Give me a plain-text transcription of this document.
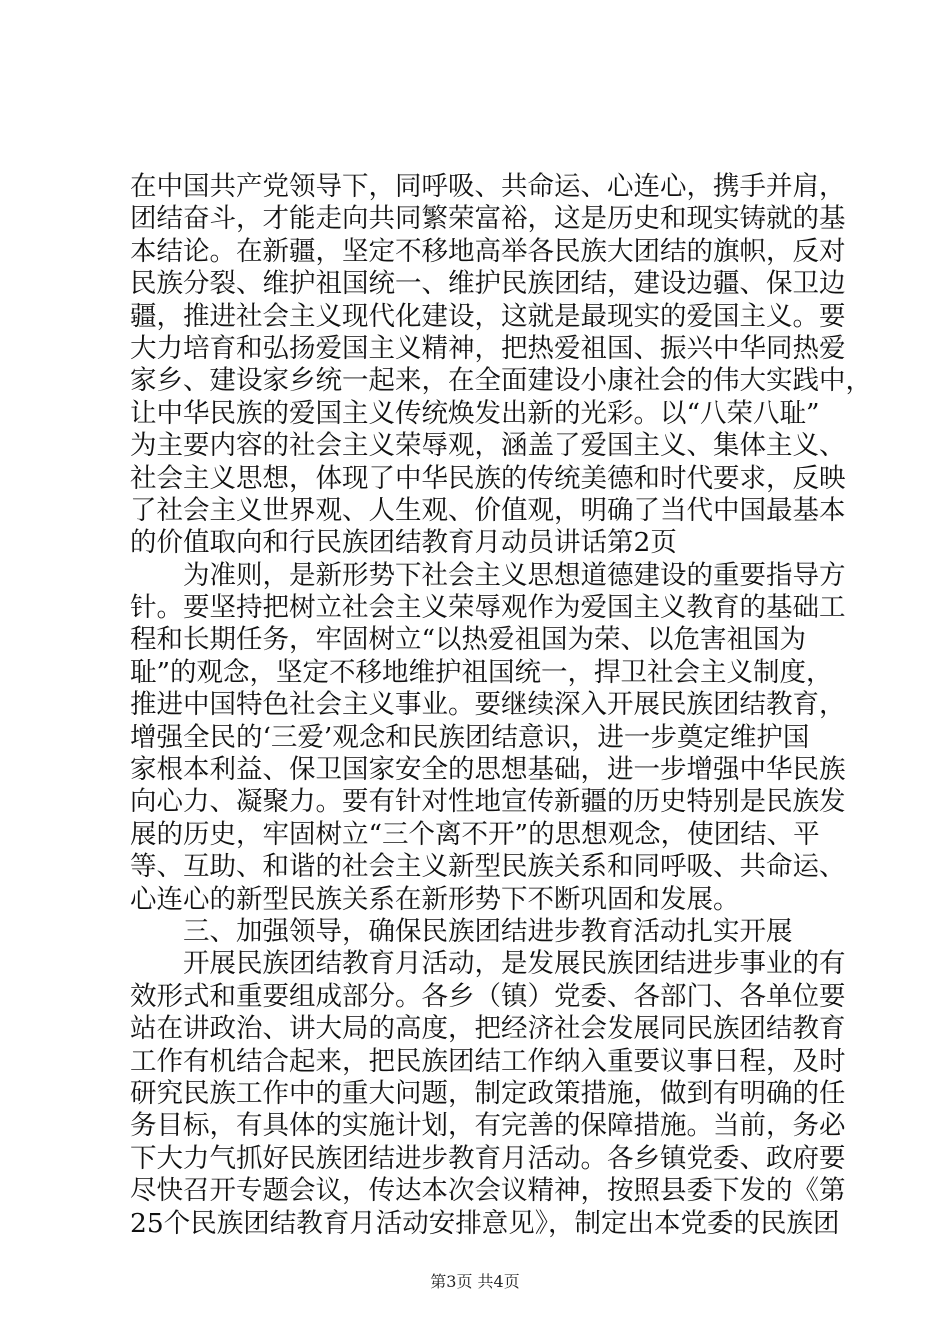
在中国共产党领导下，同呼吸、共命运、心连心，携手并肩，
团结奋斗，才能走向共同繁荣富裕，这是历史和现实铸就的基
本结论。在新疆，坚定不移地高举各民族大团结的旗帜，反对
民族分裂、维护祖国统一、维护民族团结，建设边疆、保卫边
疆，推进社会主义现代化建设，这就是最现实的爱国主义。要
大力培育和弘扬爱国主义精神，把热爱祖国、振兴中华同热爱
家乡、建设家乡统一起来，在全面建设小康社会的伟大实践中，
让中华民族的爱国主义传统焕发出新的光彩。以“八荣八耻”
为主要内容的社会主义荣辱观，涵盖了爱国主义、集体主义、
社会主义思想，体现了中华民族的传统美德和时代要求，反映
了社会主义世界观、人生观、价值观，明确了当代中国最基本
的价值取向和行民族团结教育月动员讲话第2页
　　为准则，是新形势下社会主义思想道德建设的重要指导方
针。要坚持把树立社会主义荣辱观作为爱国主义教育的基础工
程和长期任务，牢固树立“以热爱祖国为荣、以危害祖国为
耻”的观念，坚定不移地维护祖国统一，捍卫社会主义制度，
推进中国特色社会主义事业。要继续深入开展民族团结教育，
增强全民的‘三爱’观念和民族团结意识，进一步奠定维护国
家根本利益、保卫国家安全的思想基础，进一步增强中华民族
向心力、凝聚力。要有针对性地宣传新疆的历史特别是民族发
展的历史，牢固树立“三个离不开”的思想观念，使团结、平
等、互助、和谐的社会主义新型民族关系和同呼吸、共命运、
心连心的新型民族关系在新形势下不断巩固和发展。
　　三、加强领导，确保民族团结进步教育活动扎实开展
　　开展民族团结教育月活动，是发展民族团结进步事业的有
效形式和重要组成部分。各乡（镇）党委、各部门、各单位要
站在讲政治、讲大局的高度，把经济社会发展同民族团结教育
工作有机结合起来，把民族团结工作纳入重要议事日程，及时
研究民族工作中的重大问题，制定政策措施，做到有明确的任
务目标，有具体的实施计划，有完善的保障措施。当前，务必
下大力气抓好民族团结进步教育月活动。各乡镇党委、政府要
尽快召开专题会议，传达本次会议精神，按照县委下发的《第
25个民族团结教育月活动安排意见》，制定出本党委的民族团
第3页 共4页
